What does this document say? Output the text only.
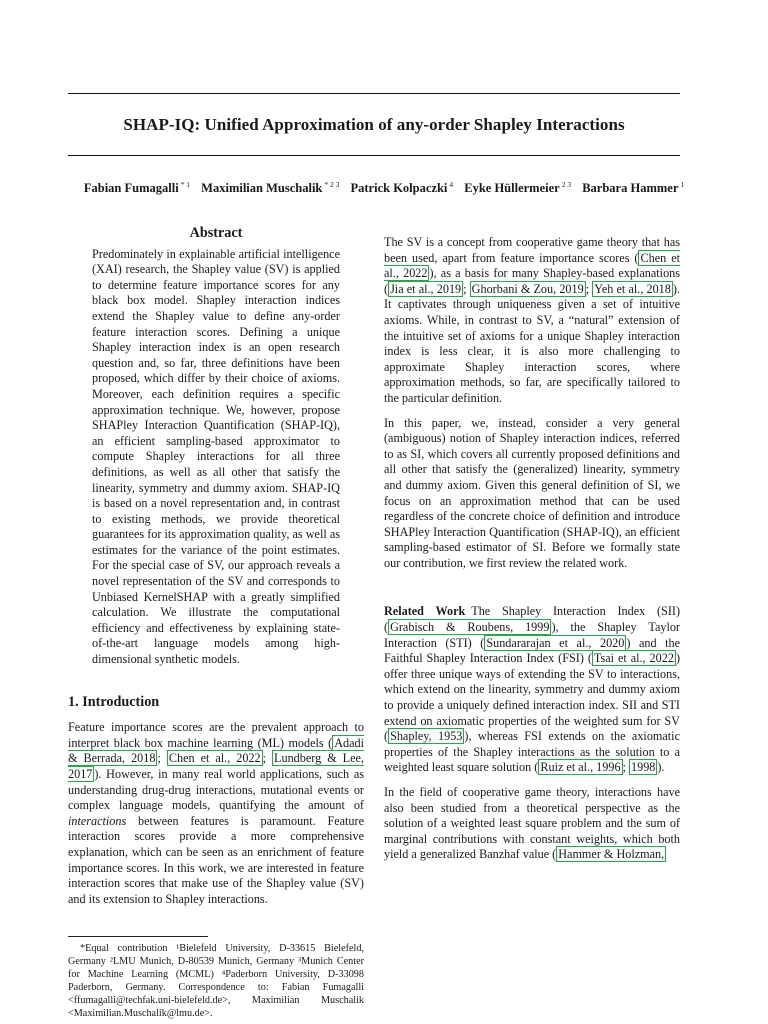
SHAP-IQ: Unified Approximation of any-order Shapley Interactions
Fabian Fumagalli $^{* 1}$ Maximilian Muschalik $^{* 2 3}$ Patrick Kolpaczki $^4$ Eyke Hüllermeier $^{2 3}$ Barbara Hammer $^1$
Abstract

Predominately in explainable artificial intelligence (XAI) research, the Shapley value (SV) is applied to determine feature importance scores for any black box model. Shapley interaction indices extend the Shapley value to define any-order feature interaction scores. Defining a unique Shapley interaction index is an open research question and, so far, three definitions have been proposed, which differ by their choice of axioms. Moreover, each definition requires a specific approximation technique. We, however, propose SHAPley Interaction Quantification (SHAP-IQ), an efficient sampling-based approximator to compute Shapley interactions for all three definitions, as well as all other that satisfy the linearity, symmetry and dummy axiom. SHAP-IQ is based on a novel representation and, in contrast to existing methods, we provide theoretical guarantees for its approximation quality, as well as estimates for the variance of the point estimates. For the special case of SV, our approach reveals a novel representation of the SV and corresponds to Unbiased KernelSHAP with a greatly simplified calculation. We illustrate the computational efficiency and effectiveness by explaining state-of-the-art language models among high-dimensional synthetic models.

1. Introduction

Feature importance scores are the prevalent approach to interpret black box machine learning (ML) models ( Adadi & Berrada, 2018 ; Chen et al., 2022 ; Lundberg & Lee, 2017 ). However, in many real world applications, such as understanding drug-drug interactions, mutational events or complex language models, quantifying the amount of interactions between features is paramount. Feature interaction scores provide a more comprehensive explanation, which can be seen as an enrichment of feature importance scores. In this work, we are interested in feature interaction scores that make use of the Shapley value (SV) and its extension to Shapley interactions.

*Equal contribution ¹Bielefeld University, D-33615 Bielefeld, Germany ²LMU Munich, D-80539 Munich, Germany ³Munich Center for Machine Learning (MCML) ⁴Paderborn University, D-33098 Paderborn, Germany. Correspondence to: Fabian Fumagalli <ffumagalli@techfak.uni-bielefeld.de>, Maximilian Muschalik <Maximilian.Muschalik@lmu.de>.

The SV is a concept from cooperative game theory that has been used, apart from feature importance scores ( Chen et al., 2022 ), as a basis for many Shapley-based explanations ( Jia et al., 2019 ; Ghorbani & Zou, 2019 ; Yeh et al., 2018 ). It captivates through uniqueness given a set of intuitive axioms. While, in contrast to SV, a “natural” extension of the intuitive set of axioms for a unique Shapley interaction index is less clear, it is also more challenging to approximate Shapley interaction scores, where approximation methods, so far, are specifically tailored to the particular definition.

In this paper, we, instead, consider a very general (ambiguous) notion of Shapley interaction indices, referred to as SI, which covers all currently proposed definitions and all other that satisfy the (generalized) linearity, symmetry and dummy axiom. Given this general definition of SI, we focus on an approximation method that can be used regardless of the concrete choice of definition and introduce SHAPley Interaction Quantification (SHAP-IQ), an efficient sampling-based estimator of SI. Before we formally state our contribution, we first review the related work.

Related Work The Shapley Interaction Index (SII) ( Grabisch & Roubens, 1999 ), the Shapley Taylor Interaction (STI) ( Sundararajan et al., 2020 ) and the Faithful Shapley Interaction Index (FSI) ( Tsai et al., 2022 ) offer three unique ways of extending the SV to interactions, which extend on the linearity, symmetry and dummy axiom to provide a uniquely defined interaction index. SII and STI extend on axiomatic properties of the weighted sum for SV ( Shapley, 1953 ), whereas FSI extends on the axiomatic properties of the Shapley interactions as the solution to a weighted least square solution ( Ruiz et al., 1996 ; 1998 ).

In the field of cooperative game theory, interactions have also been studied from a theoretical perspective as the solution of a weighted least square problem and the sum of marginal contributions with constant weights, which both yield a generalized Banzhaf value ( Hammer & Holzman,
